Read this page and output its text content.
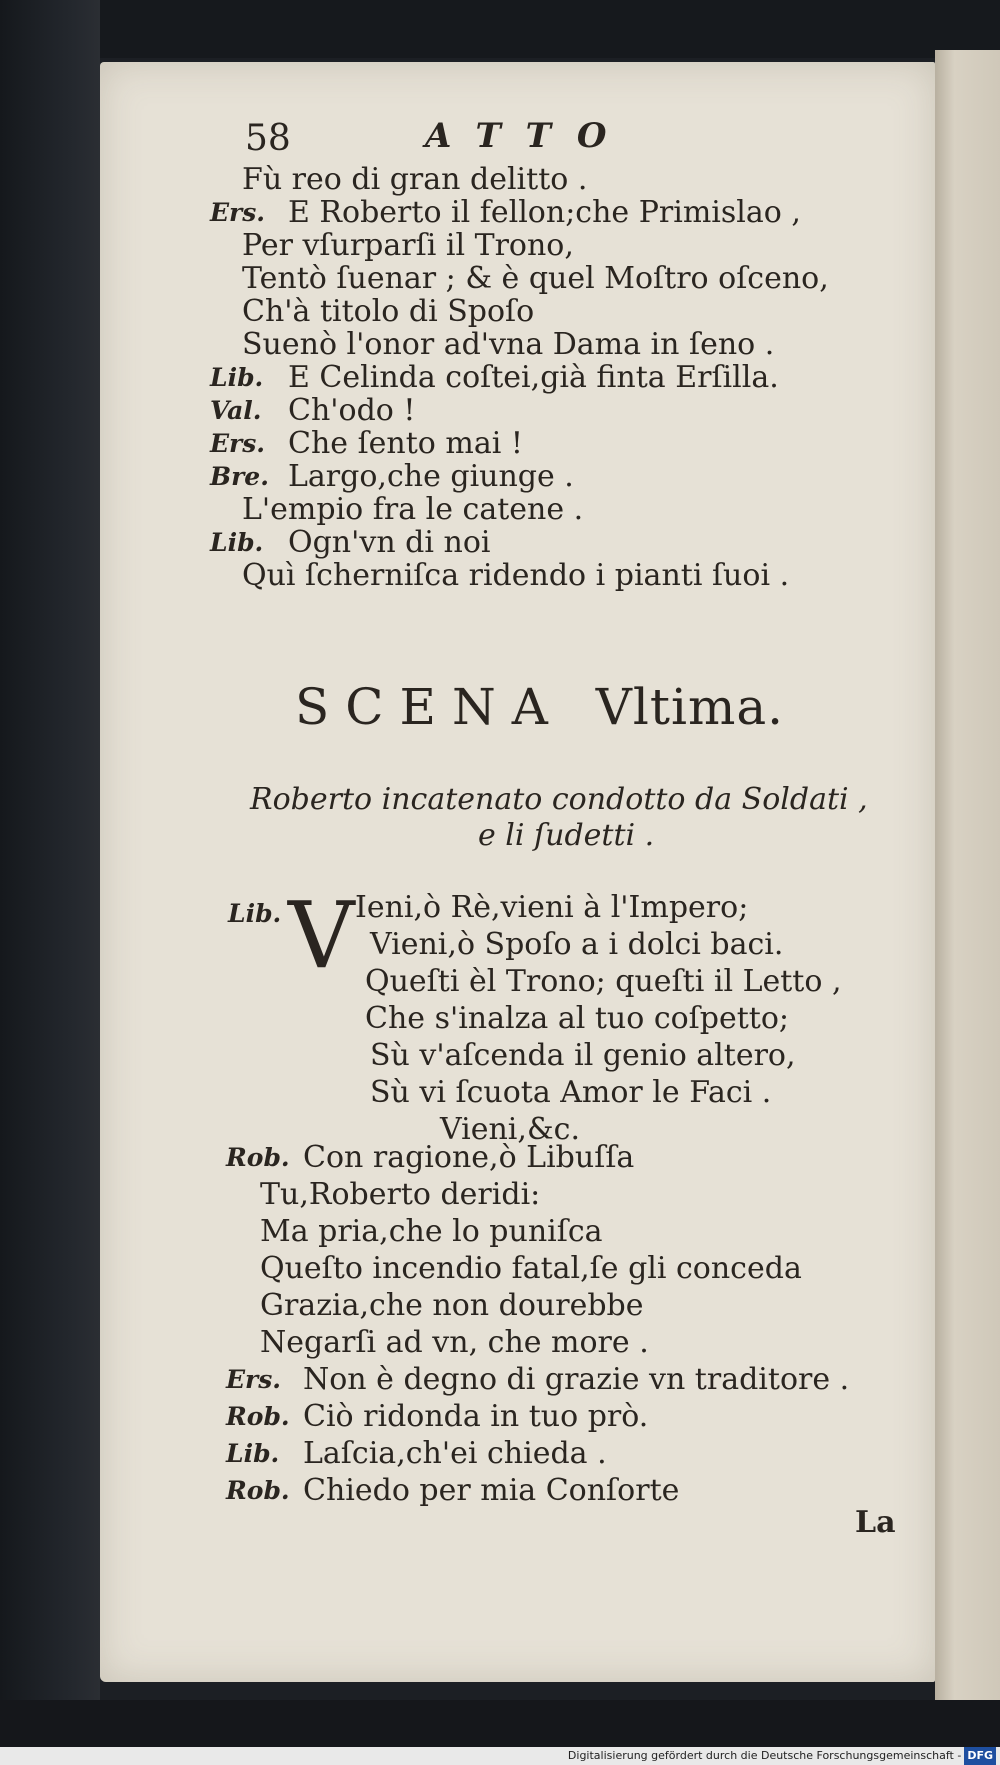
58	ATTO
Fù reo di gran delitto .
Ers. E Roberto il fellon;che Primislao ,
Per vſurparſi il Trono,
Tentò ſuenar ; & è quel Moſtro oſceno,
Ch'à titolo di Spoſo
Suenò l'onor ad'vna Dama in ſeno .
Lib. E Celinda coſtei,già finta Erſilla.
Val. Ch'odo !
Ers. Che ſento mai !
Bre. Largo,che giunge .
L'empio fra le catene .
Lib. Ogn'vn di noi
Quì ſcherniſca ridendo i pianti ſuoi .
SCENA Vltima.
Roberto incatenato condotto da Soldati ,
e li ſudetti .
Lib. V Ieni,ò Rè,vieni à l'Impero;
Vieni,ò Spoſo a i dolci baci.
Queſti èl Trono; queſti il Letto ,
Che s'inalza al tuo coſpetto;
Sù v'aſcenda il genio altero,
Sù vi ſcuota Amor le Faci .
Vieni,&c.
Rob. Con ragione,ò Libuſſa
Tu,Roberto deridi:
Ma pria,che lo puniſca
Queſto incendio fatal,ſe gli conceda
Grazia,che non dourebbe
Negarſi ad vn, che more .
Ers. Non è degno di grazie vn traditore .
Rob. Ciò ridonda in tuo prò.
Lib. Laſcia,ch'ei chieda .
Rob. Chiedo per mia Conſorte
La
Digitalisierung gefördert durch die Deutsche Forschungsgemeinschaft - DFG
